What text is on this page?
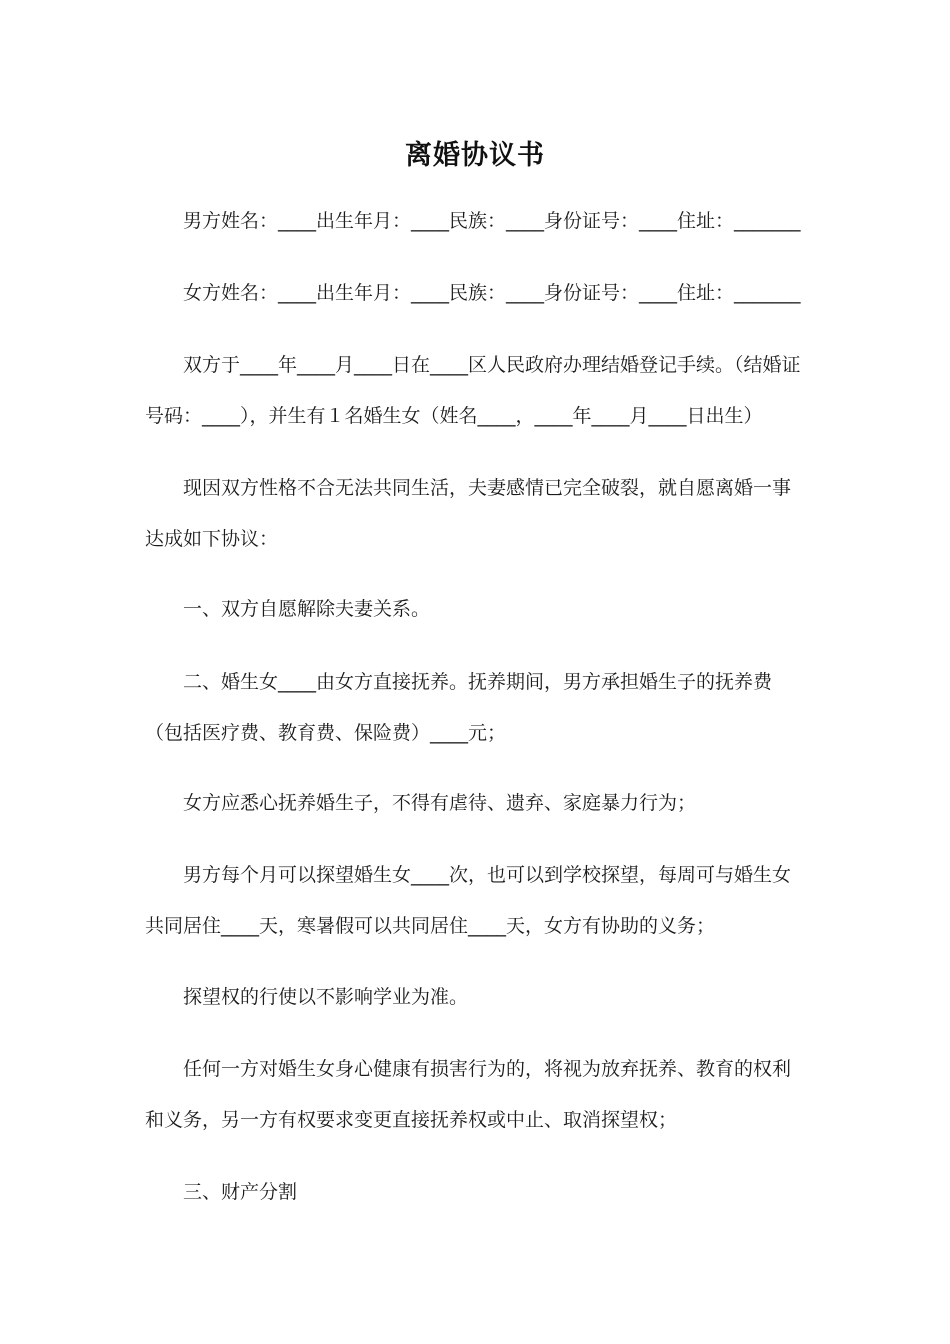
离婚协议书
男方姓名：____出生年月：____民族：____身份证号：____住址：_______
女方姓名：____出生年月：____民族：____身份证号：____住址：_______
双方于____年____月____日在____区人民政府办理结婚登记手续。（结婚证号码：____），并生有１名婚生女（姓名____，____年____月____日出生）
现因双方性格不合无法共同生活，夫妻感情已完全破裂，就自愿离婚一事达成如下协议：
一、双方自愿解除夫妻关系。
二、婚生女____由女方直接抚养。抚养期间，男方承担婚生子的抚养费（包括医疗费、教育费、保险费）____元；
女方应悉心抚养婚生子，不得有虐待、遗弃、家庭暴力行为；
男方每个月可以探望婚生女____次，也可以到学校探望，每周可与婚生女共同居住____天，寒暑假可以共同居住____天，女方有协助的义务；
探望权的行使以不影响学业为准。
任何一方对婚生女身心健康有损害行为的，将视为放弃抚养、教育的权利和义务，另一方有权要求变更直接抚养权或中止、取消探望权；
三、财产分割
